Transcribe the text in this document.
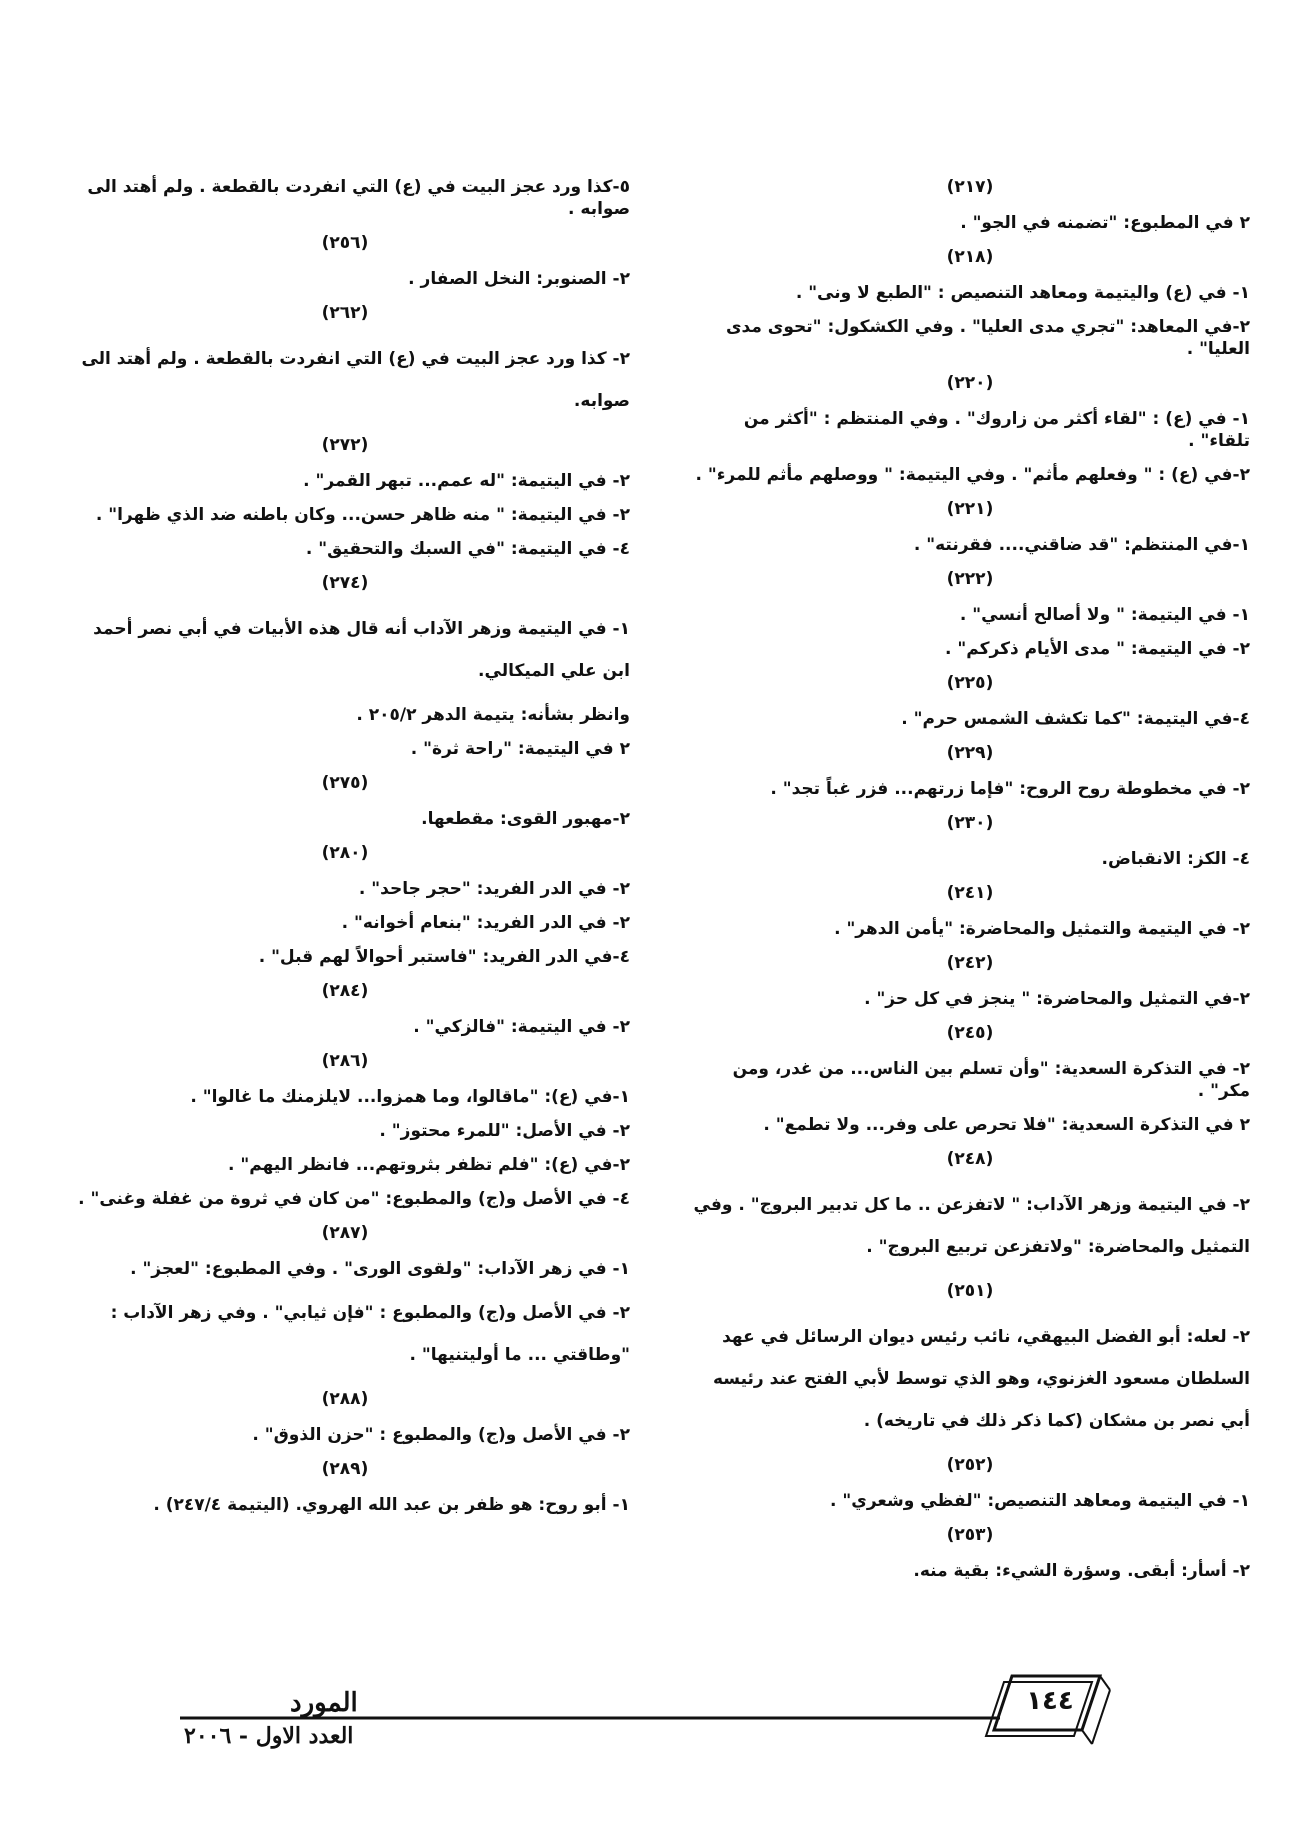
(٢١٧)
٢ في المطبوع: "تضمنه في الجو" .
(٢١٨)
١- في (ع) واليتيمة ومعاهد التنصيص : "الطبع لا ونى" .
٢-في المعاهد: "تجري مدى العليا" . وفي الكشكول: "تحوى مدى العليا" .
(٢٢٠)
١- في (ع) : "لقاء أكثر من زاروك" . وفي المنتظم : "أكثر من تلقاء" .
٢-في (ع) : " وفعلهم مأثم" . وفي اليتيمة: " ووصلهم مأثم للمرء" .
(٢٢١)
١-في المنتظم: "قد ضاقني.... فقرنته" .
(٢٢٢)
١- في اليتيمة: " ولا أصالح أنسي" .
٢- في اليتيمة: " مدى الأيام ذكركم" .
(٢٢٥)
٤-في اليتيمة: "كما تكشف الشمس حرم" .
(٢٢٩)
٢- في مخطوطة روح الروح: "فإما زرتهم... فزر غباً تجد" .
(٢٣٠)
٤- الكز: الانقباض.
(٢٤١)
٢- في اليتيمة والتمثيل والمحاضرة: "يأمن الدهر" .
(٢٤٢)
٢-في التمثيل والمحاضرة: " ينجز في كل حز" .
(٢٤٥)
٢- في التذكرة السعدية: "وأن تسلم بين الناس... من غدر، ومن مكر" .
٢ في التذكرة السعدية: "فلا تحرص على وفر... ولا تطمع" .
(٢٤٨)
٢- في اليتيمة وزهر الآداب: " لاتفزعن .. ما كل تدبير البروج" . وفي التمثيل والمحاضرة: "ولاتفزعن تربيع البروج" .
(٢٥١)
٢- لعله: أبو الفضل البيهقي، نائب رئيس ديوان الرسائل في عهد السلطان مسعود الغزنوي، وهو الذي توسط لأبي الفتح عند رئيسه أبي نصر بن مشكان (كما ذكر ذلك في تاريخه) .
(٢٥٢)
١- في اليتيمة ومعاهد التنصيص: "لفظي وشعري" .
(٢٥٣)
٢- أسأر: أبقى. وسؤرة الشيء: بقية منه.
٥-كذا ورد عجز البيت في (ع) التي انفردت بالقطعة . ولم أهتد الى صوابه .
(٢٥٦)
٢- الصنوبر: النخل الصفار .
(٢٦٢)
٢- كذا ورد عجز البيت في (ع) التي انفردت بالقطعة . ولم أهتد الى صوابه.
(٢٧٢)
٢- في اليتيمة: "له عمم... تبهر القمر" .
٢- في اليتيمة: " منه ظاهر حسن... وكان باطنه ضد الذي ظهرا" .
٤- في اليتيمة: "في السبك والتحقيق" .
(٢٧٤)
١- في اليتيمة وزهر الآداب أنه قال هذه الأبيات في أبي نصر أحمد ابن علي الميكالي.
وانظر بشأنه: يتيمة الدهر ٢٠٥/٢ .
٢ في اليتيمة: "راحة ثرة" .
(٢٧٥)
٢-مهبور القوى: مقطعها.
(٢٨٠)
٢- في الدر الفريد: "حجر جاحد" .
٢- في الدر الفريد: "بنعام أخوانه" .
٤-في الدر الفريد: "فاستبر أحوالاً لهم قبل" .
(٢٨٤)
٢- في اليتيمة: "فالزكي" .
(٢٨٦)
١-في (ع): "ماقالوا، وما همزوا... لايلزمنك ما غالوا" .
٢- في الأصل: "للمرء محتوز" .
٢-في (ع): "فلم تظفر بثروتهم... فانظر اليهم" .
٤- في الأصل و(ج) والمطبوع: "من كان في ثروة من غفلة وغنى" .
(٢٨٧)
١- في زهر الآداب: "ولقوى الورى" . وفي المطبوع: "لعجز" .
٢- في الأصل و(ج) والمطبوع : "فإن ثيابي" . وفي زهر الآداب : "وطاقتي ... ما أوليتنيها" .
(٢٨٨)
٢- في الأصل و(ج) والمطبوع : "حزن الذوق" .
(٢٨٩)
١- أبو روح: هو ظفر بن عبد الله الهروي. (اليتيمة ٢٤٧/٤) .
١٤٤
المورد
العدد الاول - ٢٠٠٦
